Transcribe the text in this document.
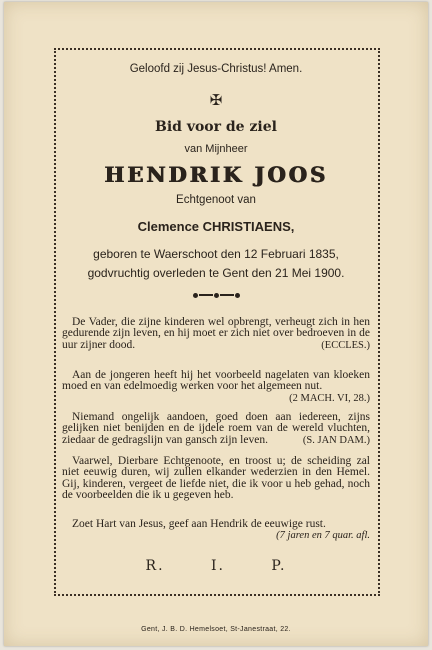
Geloofd zij Jesus-Christus! Amen.
✠
Bid voor de ziel
van Mijnheer
HENDRIK JOOS
Echtgenoot van
Clemence CHRISTIAENS,
geboren te Waerschoot den 12 Februari 1835,
godvruchtig overleden te Gent den 21 Mei 1900.
De Vader, die zijne kinderen wel opbrengt, verheugt zich in hen gedurende zijn leven, en hij moet er zich niet over bedroeven in de uur zijner dood.	(ECCLES.)
Aan de jongeren heeft hij het voorbeeld nagelaten van kloeken moed en van edelmoedig werken voor het algemeen nut.
(2 MACH. VI, 28.)
Niemand ongelijk aandoen, goed doen aan iedereen, zijns gelijken niet benijden en de ijdele roem van de wereld vluchten, ziedaar de gedragslijn van gansch zijn leven.	(S. JAN DAM.)
Vaarwel, Dierbare Echtgenoote, en troost u; de scheiding zal niet eeuwig duren, wij zullen elkander wederzien in den Hemel. Gij, kinderen, vergeet de liefde niet, die ik voor u heb gehad, noch de voorbeelden die ik u gegeven heb.
Zoet Hart van Jesus, geef aan Hendrik de eeuwige rust.
(7 jaren en 7 quar. afl.
R.	I.	P.
Gent, J. B. D. Hemelsoet, St-Janestraat, 22.
